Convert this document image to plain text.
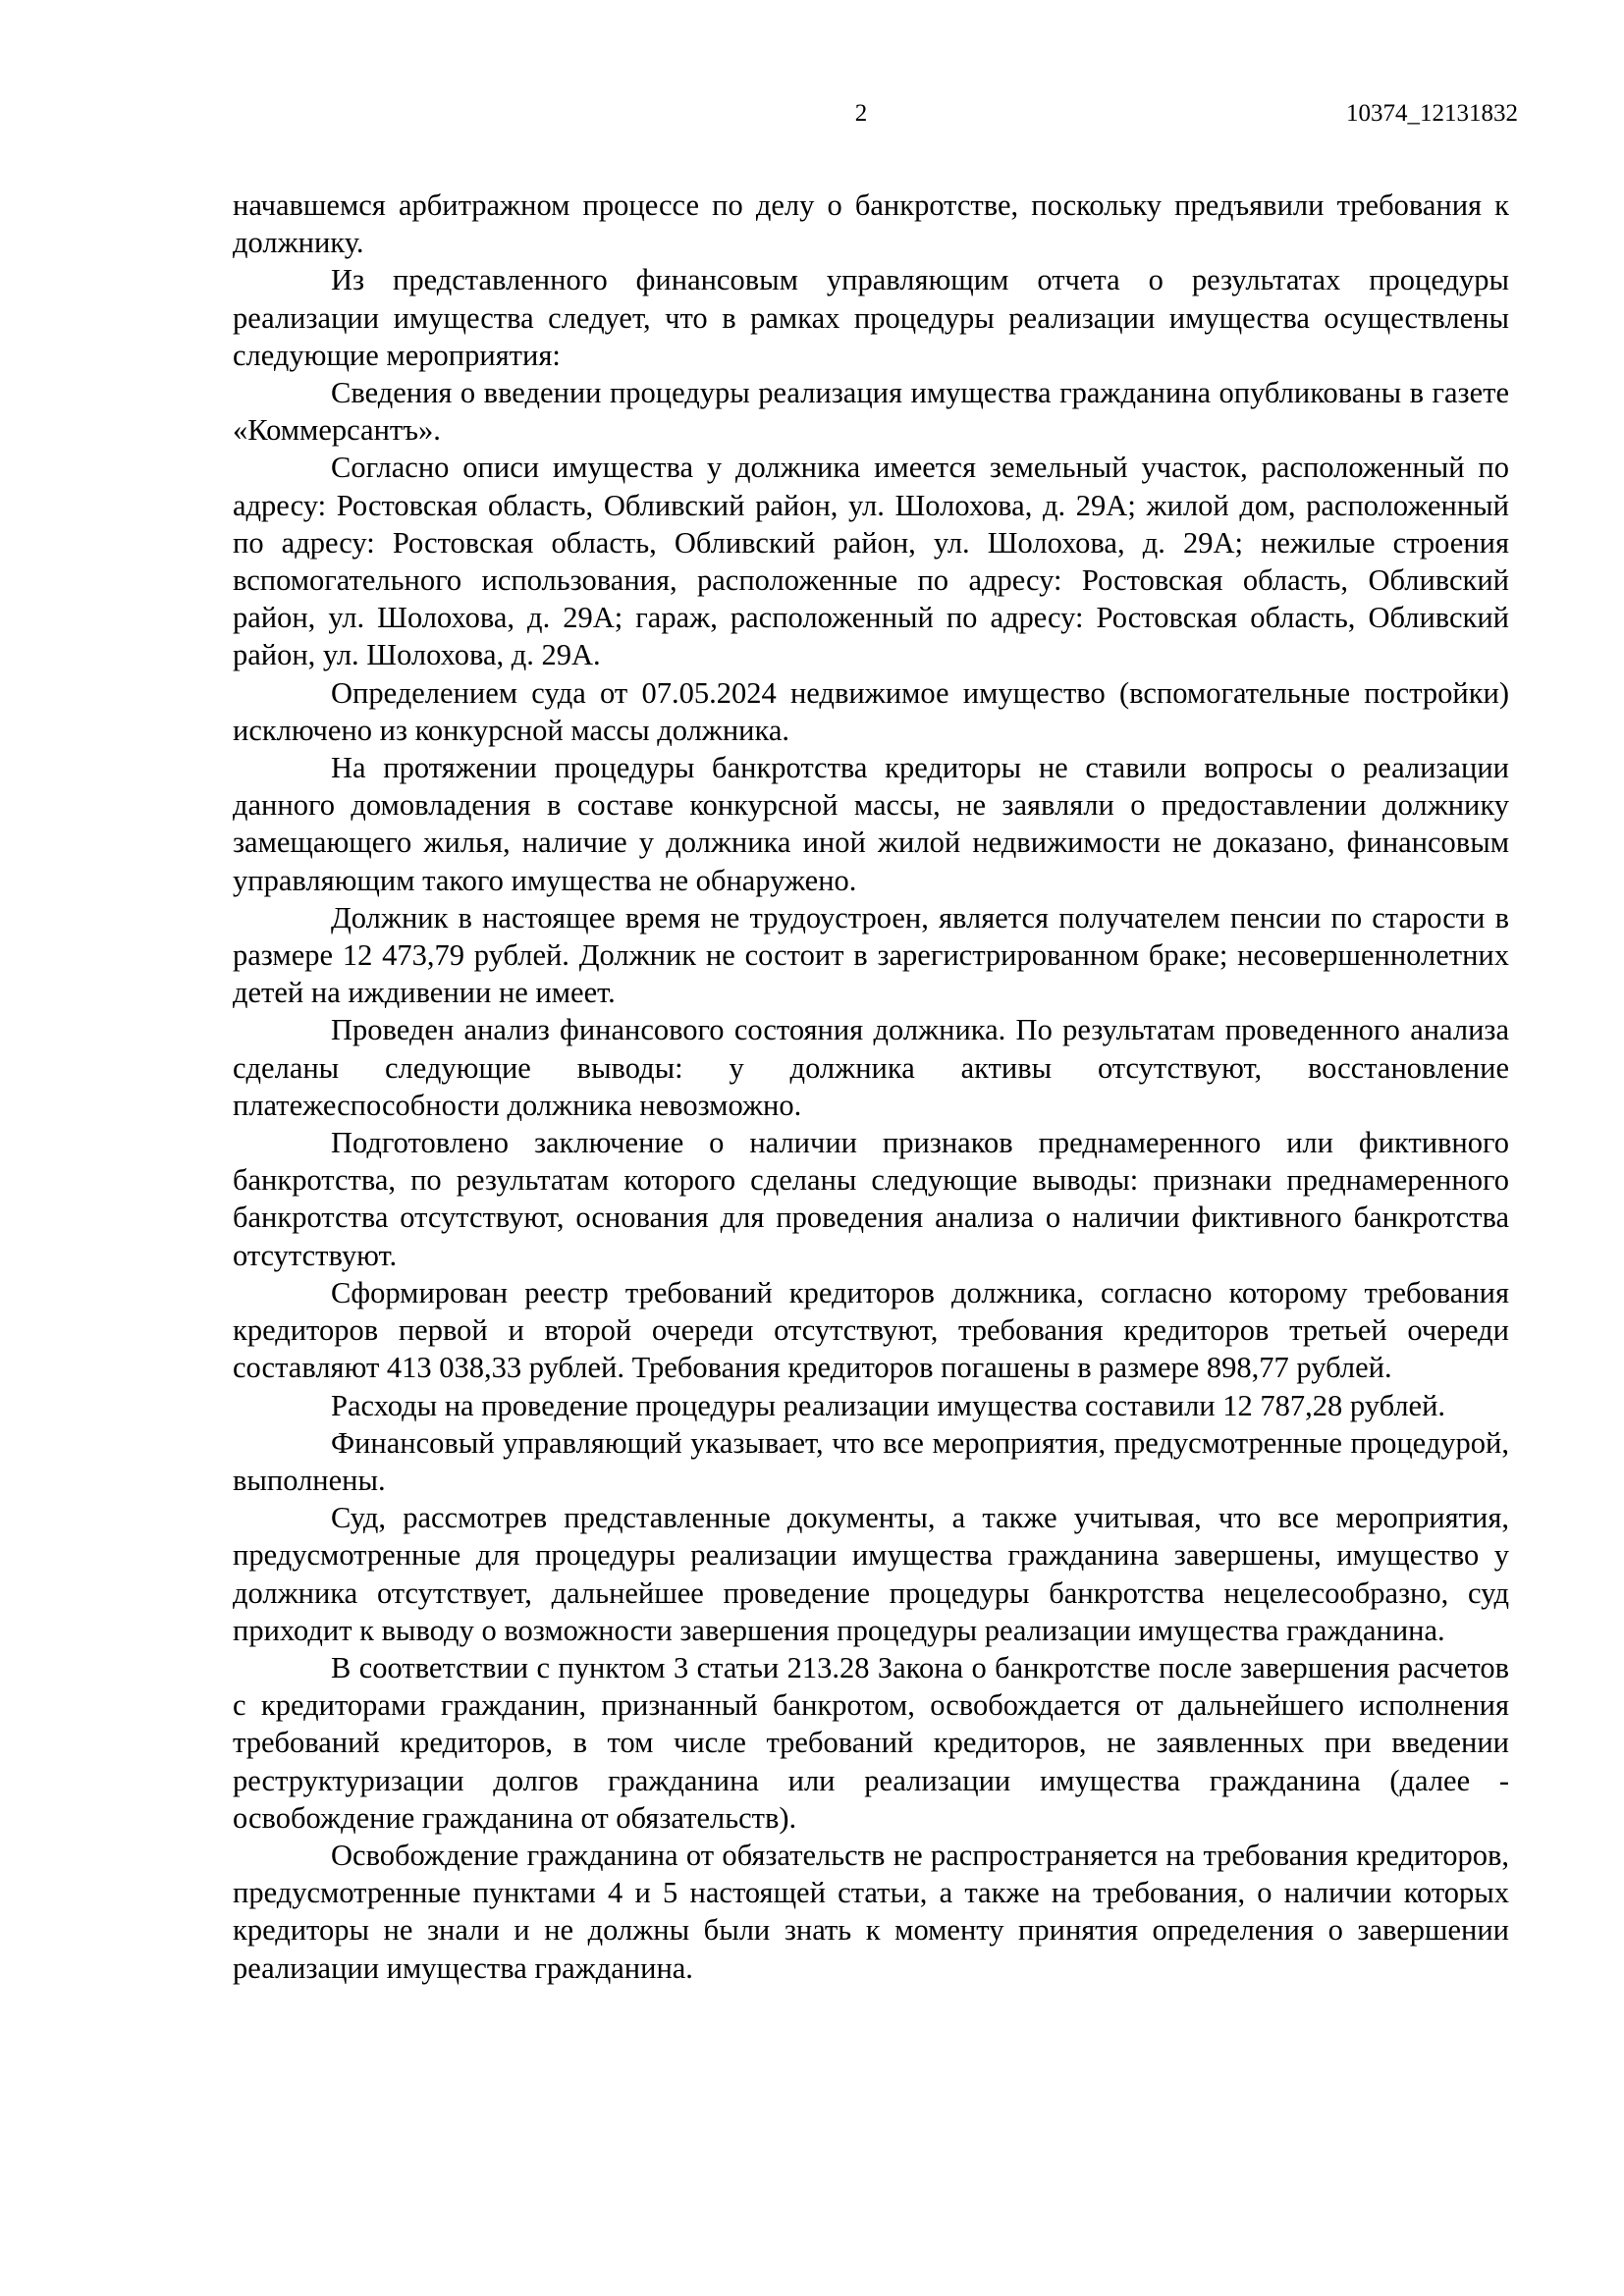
2	10374_12131832

начавшемся арбитражном процессе по делу о банкротстве, поскольку предъявили требования к должнику.

Из представленного финансовым управляющим отчета о результатах процедуры реализации имущества следует, что в рамках процедуры реализации имущества осуществлены следующие мероприятия:

Сведения о введении процедуры реализация имущества гражданина опубликованы в газете «Коммерсантъ».

Согласно описи имущества у должника имеется земельный участок, расположенный по адресу: Ростовская область, Обливский район, ул. Шолохова, д. 29А; жилой дом, расположенный по адресу: Ростовская область, Обливский район, ул. Шолохова, д. 29А; нежилые строения вспомогательного использования, расположенные по адресу: Ростовская область, Обливский район, ул. Шолохова, д. 29А; гараж, расположенный по адресу: Ростовская область, Обливский район, ул. Шолохова, д. 29А.

Определением суда от 07.05.2024 недвижимое имущество (вспомогательные постройки) исключено из конкурсной массы должника.

На протяжении процедуры банкротства кредиторы не ставили вопросы о реализации данного домовладения в составе конкурсной массы, не заявляли о предоставлении должнику замещающего жилья, наличие у должника иной жилой недвижимости не доказано, финансовым управляющим такого имущества не обнаружено.

Должник в настоящее время не трудоустроен, является получателем пенсии по старости в размере 12 473,79 рублей. Должник не состоит в зарегистрированном браке; несовершеннолетних детей на иждивении не имеет.

Проведен анализ финансового состояния должника. По результатам проведенного анализа сделаны следующие выводы: у должника активы отсутствуют, восстановление платежеспособности должника невозможно.

Подготовлено заключение о наличии признаков преднамеренного или фиктивного банкротства, по результатам которого сделаны следующие выводы: признаки преднамеренного банкротства отсутствуют, основания для проведения анализа о наличии фиктивного банкротства отсутствуют.

Сформирован реестр требований кредиторов должника, согласно которому требования кредиторов первой и второй очереди отсутствуют, требования кредиторов третьей очереди составляют 413 038,33 рублей. Требования кредиторов погашены в размере 898,77 рублей.

Расходы на проведение процедуры реализации имущества составили 12 787,28 рублей.

Финансовый управляющий указывает, что все мероприятия, предусмотренные процедурой, выполнены.

Суд, рассмотрев представленные документы, а также учитывая, что все мероприятия, предусмотренные для процедуры реализации имущества гражданина завершены, имущество у должника отсутствует, дальнейшее проведение процедуры банкротства нецелесообразно, суд приходит к выводу о возможности завершения процедуры реализации имущества гражданина.

В соответствии с пунктом 3 статьи 213.28 Закона о банкротстве после завершения расчетов с кредиторами гражданин, признанный банкротом, освобождается от дальнейшего исполнения требований кредиторов, в том числе требований кредиторов, не заявленных при введении реструктуризации долгов гражданина или реализации имущества гражданина (далее - освобождение гражданина от обязательств).

Освобождение гражданина от обязательств не распространяется на требования кредиторов, предусмотренные пунктами 4 и 5 настоящей статьи, а также на требования, о наличии которых кредиторы не знали и не должны были знать к моменту принятия определения о завершении реализации имущества гражданина.
